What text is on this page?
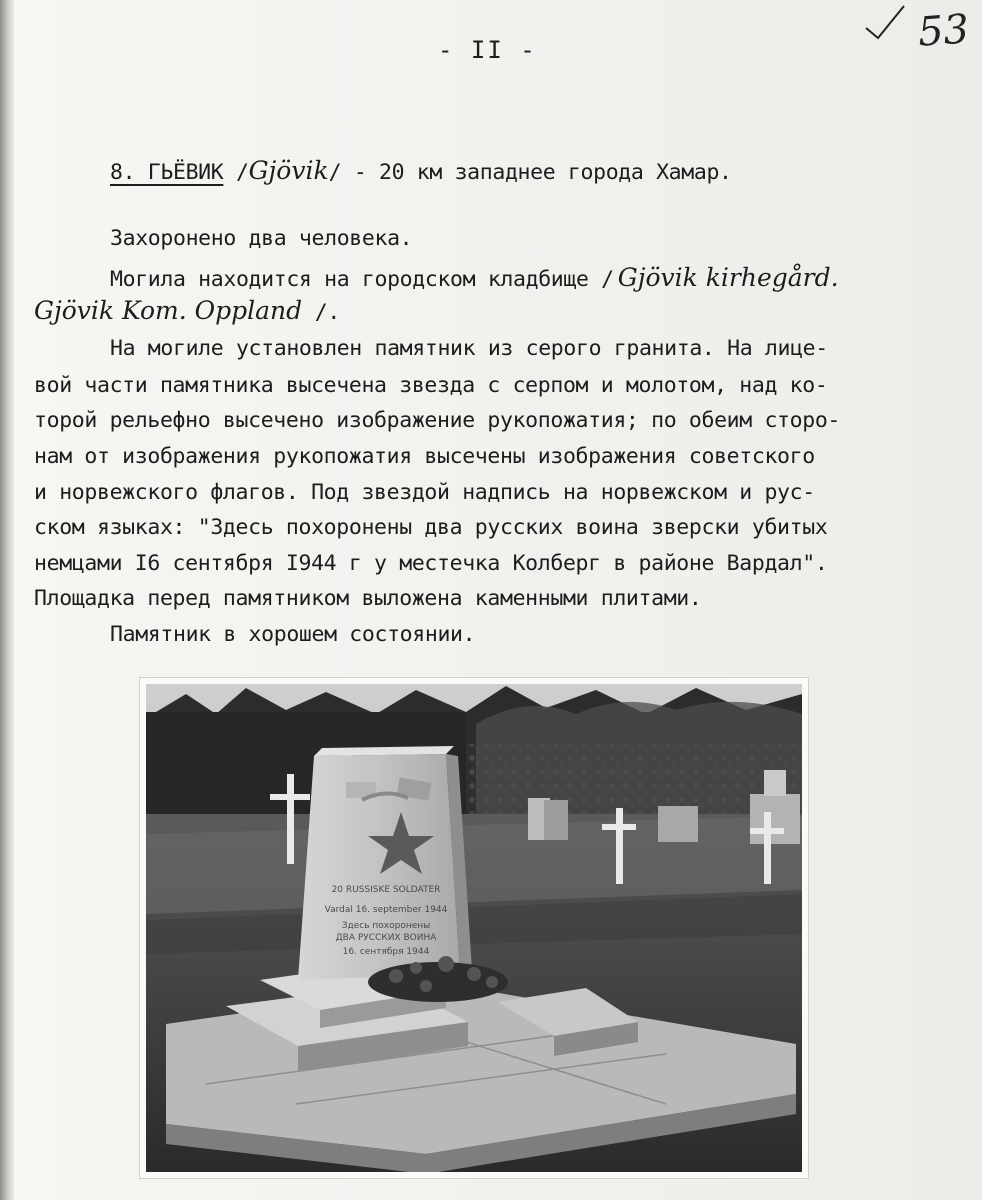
- II -	53
8. ГЬЁВИК /Gjövik/ - 20 км западнее города Хамар.
Захоронено два человека.
Могила находится на городском кладбище / Gjövik kirhegård.
Gjövik Kom. Oppland /.
На могиле установлен памятник из серого гранита. На лице-
вой части памятника высечена звезда с серпом и молотом, над ко-
торой рельефно высечено изображение рукопожатия; по обеим сторо-
нам от изображения рукопожатия высечены изображения советского
и норвежского флагов. Под звездой надпись на норвежском и рус-
ском языках: "Здесь похоронены два русских воина зверски убитых
немцами I6 сентября I944 г у местечка Колберг в районе Вардал".
Площадка перед памятником выложена каменными плитами.
Памятник в хорошем состоянии.
20 RUSSISKE SOLDATER
Vardal 16. september 1944
Здесь похоронены
ДВА РУССКИХ ВОИНА
16. сентября 1944
